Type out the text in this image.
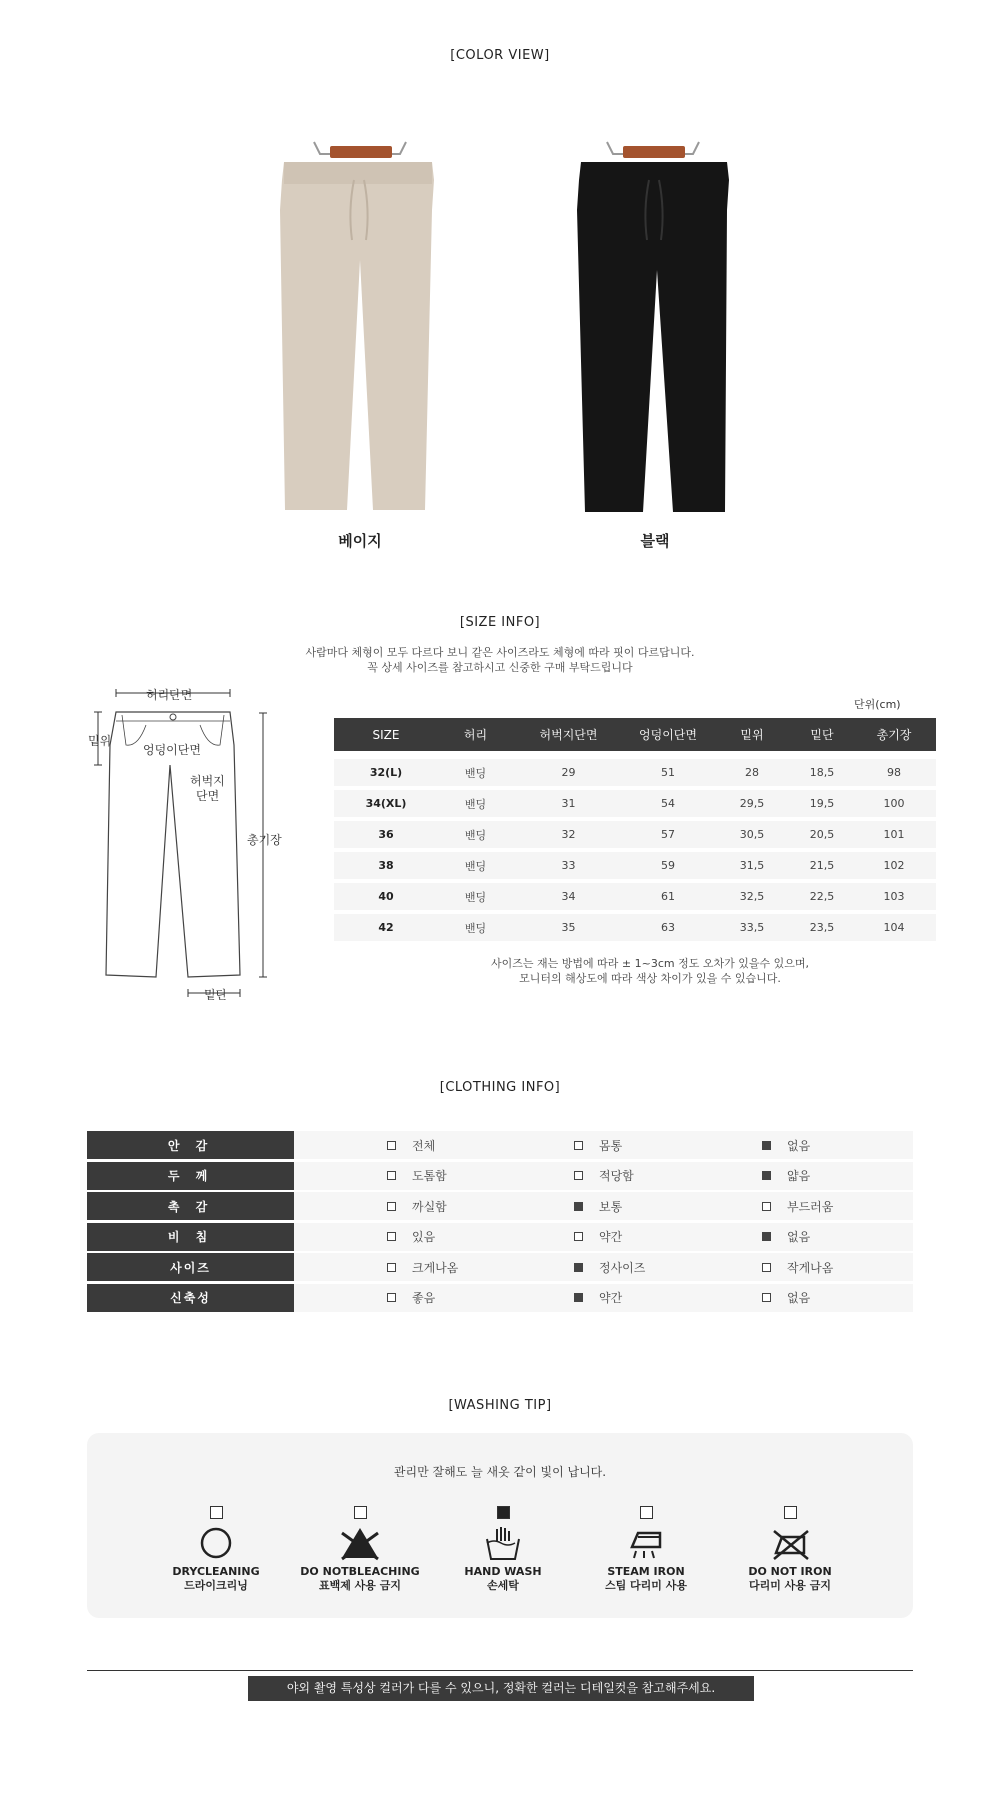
[COLOR VIEW]
베이지	블랙
[SIZE INFO]
사람마다 체형이 모두 다르다 보니 같은 사이즈라도 체형에 따라 핏이 다르답니다.
꼭 상세 사이즈를 참고하시고 신중한 구매 부탁드립니다
허리단면
밑위
엉덩이단면
허벅지
단면
총기장
밑단
단위(cm)
SIZE	허리	허벅지단면	엉덩이단면	밑위	밑단	총기장
32(L)	밴딩	29	51	28	18,5	98
34(XL)	밴딩	31	54	29,5	19,5	100
36	밴딩	32	57	30,5	20,5	101
38	밴딩	33	59	31,5	21,5	102
40	밴딩	34	61	32,5	22,5	103
42	밴딩	35	63	33,5	23,5	104
사이즈는 재는 방법에 따라 ± 1~3cm 정도 오차가 있을수 있으며,
모니터의 해상도에 따라 색상 차이가 있을 수 있습니다.
[CLOTHING INFO]
안 감	전체	몸통	없음
두 께	도톰함	적당함	얇음
촉 감	까실함	보통	부드러움
비 침	있음	약간	없음
사이즈	크게나옴	정사이즈	작게나옴
신축성	좋음	약간	없음
[WASHING TIP]
관리만 잘해도 늘 새옷 같이 빛이 납니다.
DRYCLEANING
드라이크리닝
DO NOTBLEACHING
표백제 사용 금지
HAND WASH
손세탁
STEAM IRON
스팀 다리미 사용
DO NOT IRON
다리미 사용 금지
야외 촬영 특성상 컬러가 다를 수 있으니, 정확한 컬러는 디테일컷을 참고해주세요.
